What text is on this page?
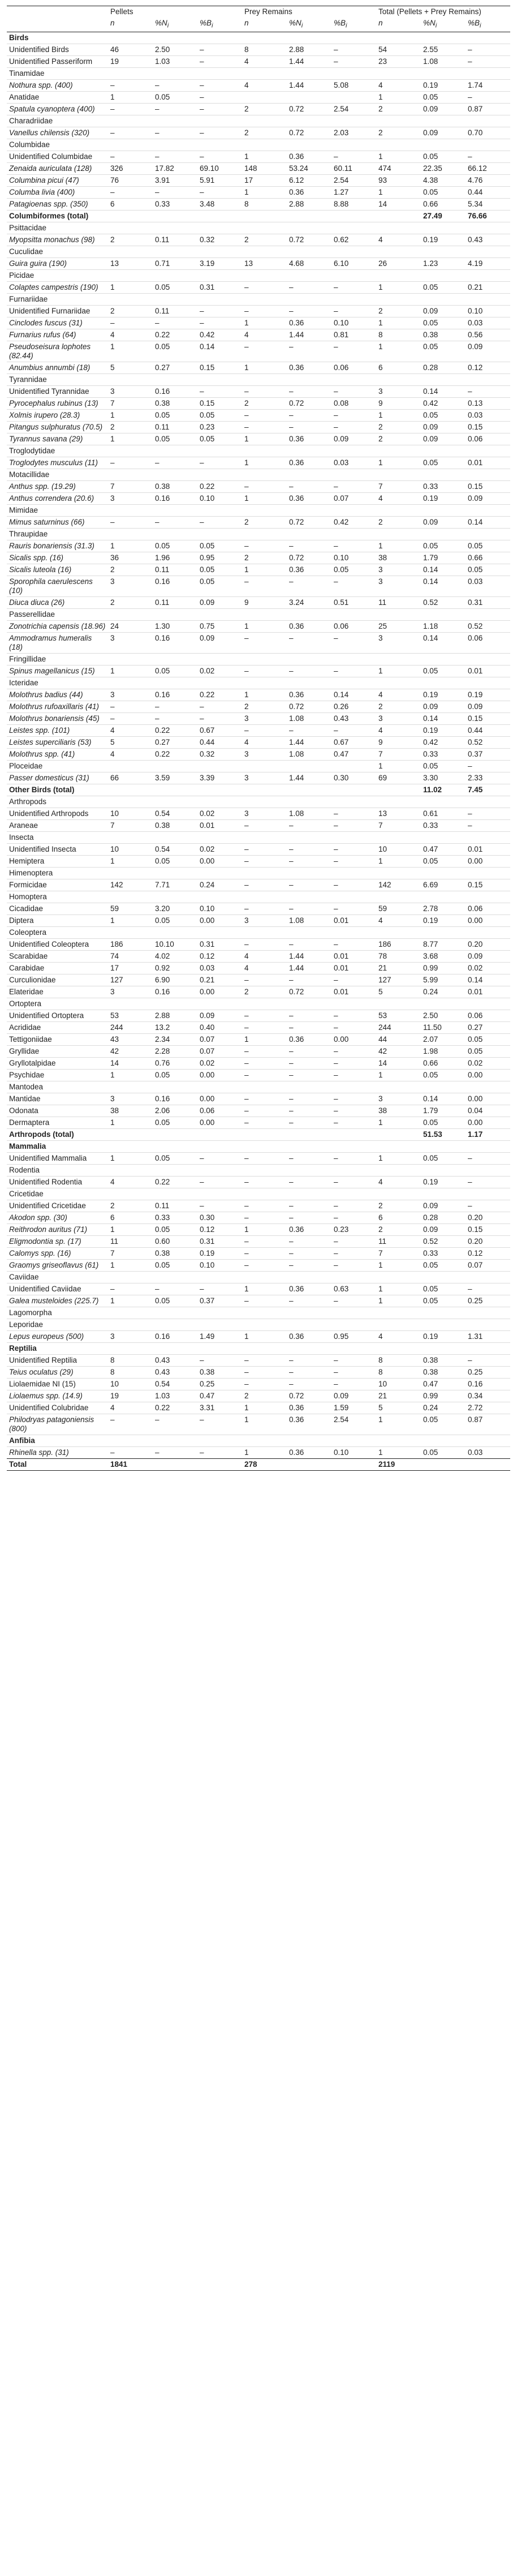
	Pellets			Prey Remains			Total (Pellets + Prey Remains)		
	n	$\%N_i$	$\%B_i$	n	$\%N_i$	$\%B_i$	n	$\%N_i$	$\%B_i$
Birds									
Unidentified Birds	46	2.50	–	8	2.88	–	54	2.55	–
Unidentified Passeriform	19	1.03	–	4	1.44	–	23	1.08	–
Tinamidae									
Nothura spp. (400)	–	–	–	4	1.44	5.08	4	0.19	1.74
Anatidae	1	0.05	–				1	0.05	–
Spatula cyanoptera (400)	–	–	–	2	0.72	2.54	2	0.09	0.87
Charadriidae									
Vanellus chilensis (320)	–	–	–	2	0.72	2.03	2	0.09	0.70
Columbidae									
Unidentified Columbidae	–	–	–	1	0.36	–	1	0.05	–
Zenaida auriculata (128)	326	17.82	69.10	148	53.24	60.11	474	22.35	66.12
Columbina picui (47)	76	3.91	5.91	17	6.12	2.54	93	4.38	4.76
Columba livia (400)	–	–	–	1	0.36	1.27	1	0.05	0.44
Patagioenas spp. (350)	6	0.33	3.48	8	2.88	8.88	14	0.66	5.34
Columbiformes (total)								27.49	76.66
Psittacidae									
Myopsitta monachus (98)	2	0.11	0.32	2	0.72	0.62	4	0.19	0.43
Cuculidae									
Guira guira (190)	13	0.71	3.19	13	4.68	6.10	26	1.23	4.19
Picidae									
Colaptes campestris (190)	1	0.05	0.31	–	–	–	1	0.05	0.21
Furnariidae									
Unidentified Furnariidae	2	0.11	–	–	–	–	2	0.09	0.10
Cinclodes fuscus (31)	–	–	–	1	0.36	0.10	1	0.05	0.03
Furnarius rufus (64)	4	0.22	0.42	4	1.44	0.81	8	0.38	0.56
Pseudoseisura lophotes (82.44)	1	0.05	0.14	–	–	–	1	0.05	0.09
Anumbius annumbi (18)	5	0.27	0.15	1	0.36	0.06	6	0.28	0.12
Tyrannidae									
Unidentified Tyrannidae	3	0.16	–	–	–	–	3	0.14	–
Pyrocephalus rubinus (13)	7	0.38	0.15	2	0.72	0.08	9	0.42	0.13
Xolmis irupero (28.3)	1	0.05	0.05	–	–	–	1	0.05	0.03
Pitangus sulphuratus (70.5)	2	0.11	0.23	–	–	–	2	0.09	0.15
Tyrannus savana (29)	1	0.05	0.05	1	0.36	0.09	2	0.09	0.06
Troglodytidae									
Troglodytes musculus (11)	–	–	–	1	0.36	0.03	1	0.05	0.01
Motacillidae									
Anthus spp. (19.29)	7	0.38	0.22	–	–	–	7	0.33	0.15
Anthus correndera (20.6)	3	0.16	0.10	1	0.36	0.07	4	0.19	0.09
Mimidae									
Mimus saturninus (66)	–	–	–	2	0.72	0.42	2	0.09	0.14
Thraupidae									
Rauris bonariensis (31.3)	1	0.05	0.05	–	–	–	1	0.05	0.05
Sicalis spp. (16)	36	1.96	0.95	2	0.72	0.10	38	1.79	0.66
Sicalis luteola (16)	2	0.11	0.05	1	0.36	0.05	3	0.14	0.05
Sporophila caerulescens (10)	3	0.16	0.05	–	–	–	3	0.14	0.03
Diuca diuca (26)	2	0.11	0.09	9	3.24	0.51	11	0.52	0.31
Passerellidae									
Zonotrichia capensis (18.96)	24	1.30	0.75	1	0.36	0.06	25	1.18	0.52
Ammodramus humeralis (18)	3	0.16	0.09	–	–	–	3	0.14	0.06
Fringillidae									
Spinus magellanicus (15)	1	0.05	0.02	–	–	–	1	0.05	0.01
Icteridae									
Molothrus badius (44)	3	0.16	0.22	1	0.36	0.14	4	0.19	0.19
Molothrus rufoaxillaris (41)	–	–	–	2	0.72	0.26	2	0.09	0.09
Molothrus bonariensis (45)	–	–	–	3	1.08	0.43	3	0.14	0.15
Leistes spp. (101)	4	0.22	0.67	–	–	–	4	0.19	0.44
Leistes superciliaris (53)	5	0.27	0.44	4	1.44	0.67	9	0.42	0.52
Molothrus spp. (41)	4	0.22	0.32	3	1.08	0.47	7	0.33	0.37
Ploceidae							1	0.05	–
Passer domesticus (31)	66	3.59	3.39	3	1.44	0.30	69	3.30	2.33
Other Birds (total)								11.02	7.45
Arthropods									
Unidentified Arthropods	10	0.54	0.02	3	1.08	–	13	0.61	–
Araneae	7	0.38	0.01	–	–	–	7	0.33	–
Insecta									
Unidentified Insecta	10	0.54	0.02	–	–	–	10	0.47	0.01
Hemiptera	1	0.05	0.00	–	–	–	1	0.05	0.00
Himenoptera									
Formicidae	142	7.71	0.24	–	–	–	142	6.69	0.15
Homoptera									
Cicadidae	59	3.20	0.10	–	–	–	59	2.78	0.06
Diptera	1	0.05	0.00	3	1.08	0.01	4	0.19	0.00
Coleoptera									
Unidentified Coleoptera	186	10.10	0.31	–	–	–	186	8.77	0.20
Scarabidae	74	4.02	0.12	4	1.44	0.01	78	3.68	0.09
Carabidae	17	0.92	0.03	4	1.44	0.01	21	0.99	0.02
Curculionidae	127	6.90	0.21	–	–	–	127	5.99	0.14
Elateridae	3	0.16	0.00	2	0.72	0.01	5	0.24	0.01
Ortoptera									
Unidentified Ortoptera	53	2.88	0.09	–	–	–	53	2.50	0.06
Acrididae	244	13.2	0.40	–	–	–	244	11.50	0.27
Tettigoniidae	43	2.34	0.07	1	0.36	0.00	44	2.07	0.05
Gryllidae	42	2.28	0.07	–	–	–	42	1.98	0.05
Gryllotalpidae	14	0.76	0.02	–	–	–	14	0.66	0.02
Psychidae	1	0.05	0.00	–	–	–	1	0.05	0.00
Mantodea									
Mantidae	3	0.16	0.00	–	–	–	3	0.14	0.00
Odonata	38	2.06	0.06	–	–	–	38	1.79	0.04
Dermaptera	1	0.05	0.00	–	–	–	1	0.05	0.00
Arthropods (total)								51.53	1.17
Mammalia									
Unidentified Mammalia	1	0.05	–	–	–	–	1	0.05	–
Rodentia									
Unidentified Rodentia	4	0.22	–	–	–	–	4	0.19	–
Cricetidae									
Unidentified Cricetidae	2	0.11	–	–	–	–	2	0.09	–
Akodon spp. (30)	6	0.33	0.30	–	–	–	6	0.28	0.20
Reithrodon auritus (71)	1	0.05	0.12	1	0.36	0.23	2	0.09	0.15
Eligmodontia sp. (17)	11	0.60	0.31	–	–	–	11	0.52	0.20
Calomys spp. (16)	7	0.38	0.19	–	–	–	7	0.33	0.12
Graomys griseoflavus (61)	1	0.05	0.10	–	–	–	1	0.05	0.07
Caviidae									
Unidentified Caviidae	–	–	–	1	0.36	0.63	1	0.05	–
Galea musteloides (225.7)	1	0.05	0.37	–	–	–	1	0.05	0.25
Lagomorpha									
Leporidae									
Lepus europeus (500)	3	0.16	1.49	1	0.36	0.95	4	0.19	1.31
Reptilia									
Unidentified Reptilia	8	0.43	–	–	–	–	8	0.38	–
Teius oculatus (29)	8	0.43	0.38	–	–	–	8	0.38	0.25
Liolaemidae NI (15)	10	0.54	0.25	–	–	–	10	0.47	0.16
Liolaemus spp. (14.9)	19	1.03	0.47	2	0.72	0.09	21	0.99	0.34
Unidentified Colubridae	4	0.22	3.31	1	0.36	1.59	5	0.24	2.72
Philodryas patagoniensis (800)	–	–	–	1	0.36	2.54	1	0.05	0.87
Anfibia									
Rhinella spp. (31)	–	–	–	1	0.36	0.10	1	0.05	0.03
Total	1841			278			2119		
